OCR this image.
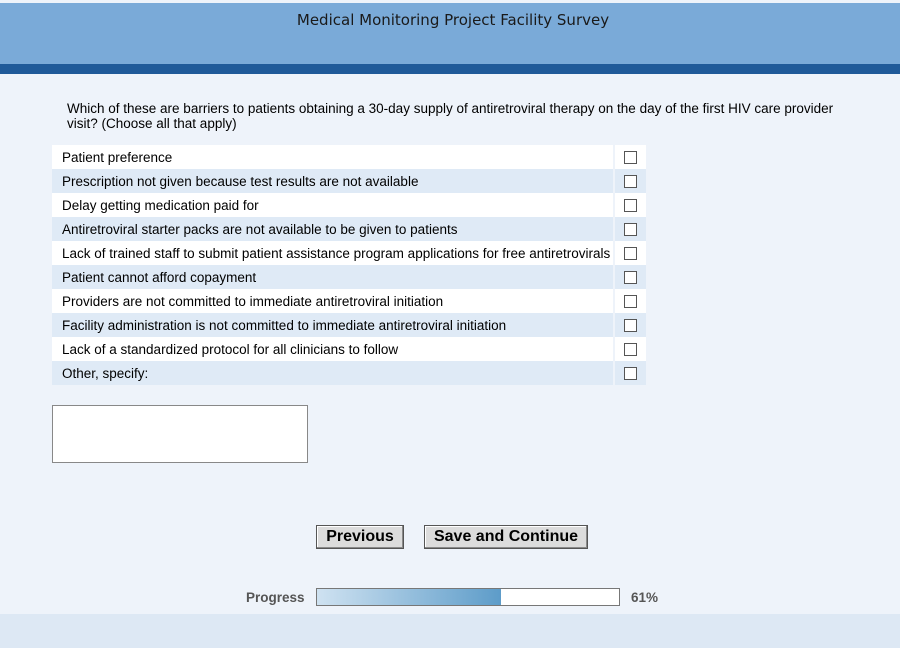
Medical Monitoring Project Facility Survey
Which of these are barriers to patients obtaining a 30-day supply of antiretroviral therapy on the day of the first HIV care provider visit? (Choose all that apply)
Patient preference	
Prescription not given because test results are not available	
Delay getting medication paid for	
Antiretroviral starter packs are not available to be given to patients	
Lack of trained staff to submit patient assistance program applications for free antiretrovirals	
Patient cannot afford copayment	
Providers are not committed to immediate antiretroviral initiation	
Facility administration is not committed to immediate antiretroviral initiation	
Lack of a standardized protocol for all clinicians to follow	
Other, specify:	
Previous	Save and Continue
Progress	61%
